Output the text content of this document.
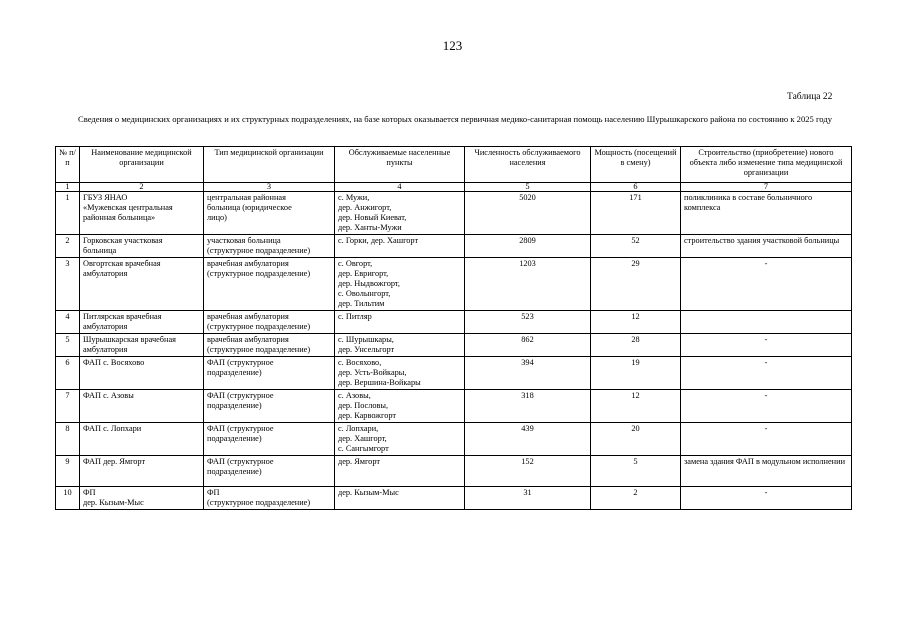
123
Таблица 22
Сведения о медицинских организациях и их структурных подразделениях, на базе которых оказывается первичная медико-санитарная помощь населению Шурышкарского района по состоянию к 2025 году
№ п/п	Наименование медицинской организации	Тип медицинской организации	Обслуживаемые населенные пункты	Численность обслуживаемого населения	Мощность (посещений в смену)	Строительство (приобретение) нового объекта либо изменение типа медицинской организации
1	2	3	4	5	6	7
1	ГБУЗ ЯНАО
«Мужевская центральная
районная больница»	центральная районная
больница (юридическое
лицо)	с. Мужи,
дер. Анжигорт,
дер. Новый Киеват,
дер. Ханты-Мужи	5020	171	поликлиника в составе больничного комплекса
2	Горковская участковая
больница	участковая больница
(структурное подразделение)	с. Горки, дер. Хашгорт	2809	52	строительство здания участковой больницы
3	Овгортская врачебная
амбулатория	врачебная амбулатория
(структурное подразделение)	с. Овгорт,
дер. Евригорт,
дер. Ныдвожгорт,
с. Оволынгорт,
дер. Тильтим	1203	29	-
4	Питлярская врачебная
амбулатория	врачебная амбулатория
(структурное подразделение)	с. Питляр	523	12	
5	Шурышкарская врачебная
амбулатория	врачебная амбулатория
(структурное подразделение)	с. Шурышкары,
дер. Унсельгорт	862	28	-
6	ФАП с. Восяхово	ФАП (структурное
подразделение)	с. Восяхово,
дер. Усть-Войкары,
дер. Вершина-Войкары	394	19	-
7	ФАП с. Азовы	ФАП (структурное
подразделение)	с. Азовы,
дер. Пословы,
дер. Карвожгорт	318	12	-
8	ФАП с. Лопхари	ФАП (структурное
подразделение)	с. Лопхари,
дер. Хашгорт,
с. Сангымгорт	439	20	-
9	ФАП дер. Ямгорт	ФАП (структурное
подразделение)	дер. Ямгорт	152	5	замена здания ФАП в модульном исполнении
10	ФП
дер. Кызым-Мыс	ФП
(структурное подразделение)	дер. Кызым-Мыс	31	2	-
